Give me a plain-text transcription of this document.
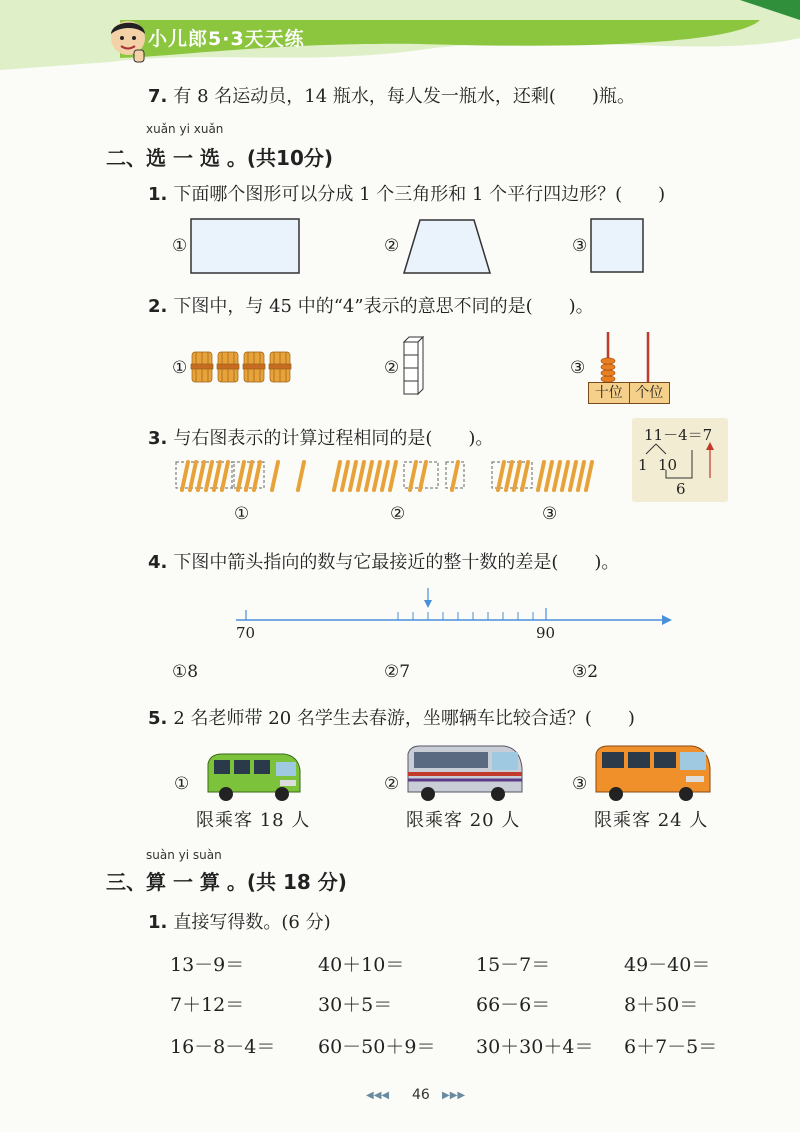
小儿郎5·3天天练
7. 有 8 名运动员，14 瓶水，每人发一瓶水，还剩(　　)瓶。
xuǎn yi xuǎn
二、选 一 选 。(共10分)
1. 下面哪个图形可以分成 1 个三角形和 1 个平行四边形？(　　)
①	②	③
2. 下图中，与 45 中的“4”表示的意思不同的是(　　)。
①	②	③
十位 个位
3. 与右图表示的计算过程相同的是(　　)。
①	②	③
11－4＝7
1 10
6
4. 下图中箭头指向的数与它最接近的整十数的差是(　　)。
70	90
①8	②7	③2
5. 2 名老师带 20 名学生去春游，坐哪辆车比较合适？(　　)
①	②	③
限乘客 18 人	限乘客 20 人	限乘客 24 人
suàn yi suàn
三、算 一 算 。(共 18 分)
1. 直接写得数。(6 分)
13－9＝	40＋10＝	15－7＝	49－40＝
7＋12＝	30＋5＝	66－6＝	8＋50＝
16－8－4＝ 60－50＋9＝ 30＋30＋4＝ 6＋7－5＝
◀◀◀ 46 ▶▶▶
